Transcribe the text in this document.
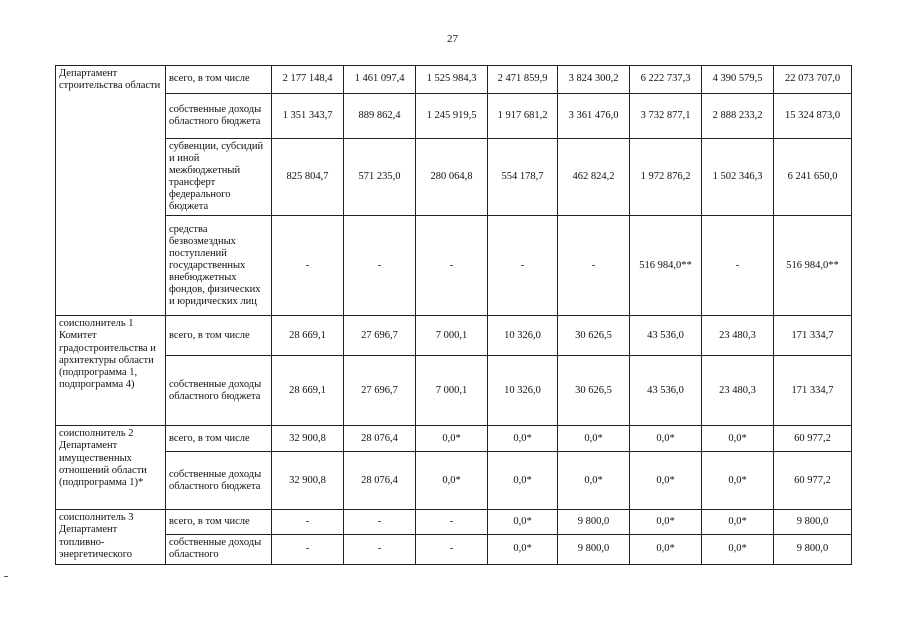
27
Департамент строительства области	всего, в том числе	2 177 148,4	1 461 097,4	1 525 984,3	2 471 859,9	3 824 300,2	6 222 737,3	4 390 579,5	22 073 707,0
	собственные доходы областного бюджета	1 351 343,7	889 862,4	1 245 919,5	1 917 681,2	3 361 476,0	3 732 877,1	2 888 233,2	15 324 873,0
	субвенции, субсидий и иной межбюджетный трансферт федерального бюджета	825 804,7	571 235,0	280 064,8	554 178,7	462 824,2	1 972 876,2	1 502 346,3	6 241 650,0
	средства безвозмездных поступлений государственных внебюджетных фондов, физических и юридических лиц	-	-	-	-	-	516 984,0**	-	516 984,0**
соисполнитель 1 Комитет градостроительства и архитектуры области (подпрограмма 1, подпрограмма 4)	всего, в том числе	28 669,1	27 696,7	7 000,1	10 326,0	30 626,5	43 536,0	23 480,3	171 334,7
	собственные доходы областного бюджета	28 669,1	27 696,7	7 000,1	10 326,0	30 626,5	43 536,0	23 480,3	171 334,7
соисполнитель 2 Департамент имущественных отношений области (подпрограмма 1)*	всего, в том числе	32 900,8	28 076,4	0,0*	0,0*	0,0*	0,0*	0,0*	60 977,2
	собственные доходы областного бюджета	32 900,8	28 076,4	0,0*	0,0*	0,0*	0,0*	0,0*	60 977,2
соисполнитель 3 Департамент топливно-энергетического	всего, в том числе	-	-	-	0,0*	9 800,0	0,0*	0,0*	9 800,0
	собственные доходы областного	-	-	-	0,0*	9 800,0	0,0*	0,0*	9 800,0
